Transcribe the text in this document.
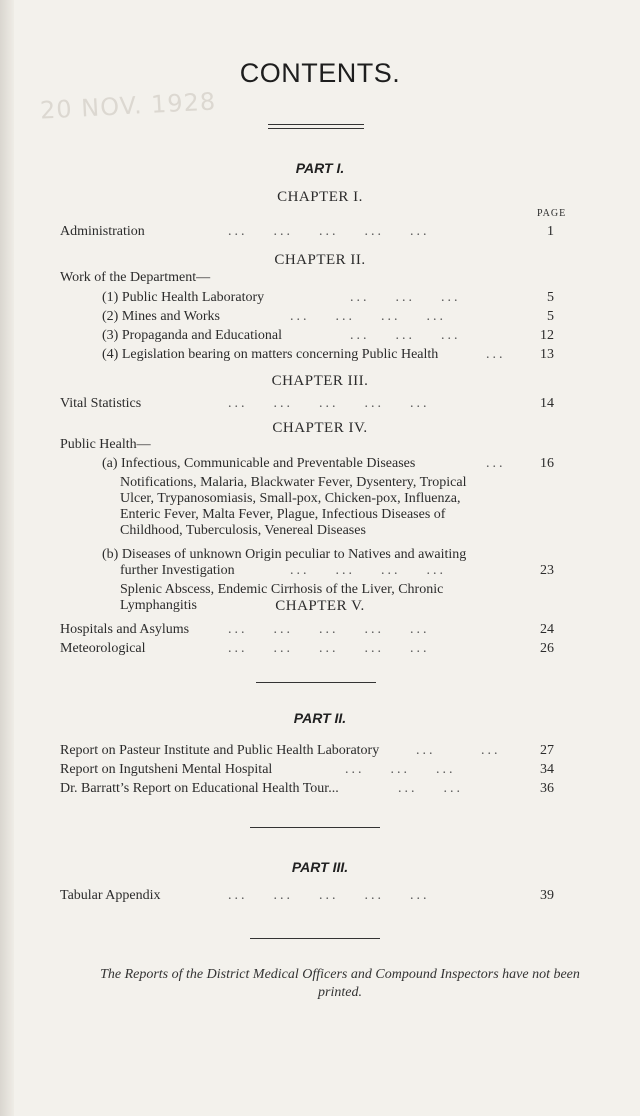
20 NOV. 1928
CONTENTS.
PART I.
CHAPTER I.
PAGE
Administration	...    ...    ...    ...    ...	1
CHAPTER II.
Work of the Department—
(1) Public Health Laboratory	...    ...    ...	5
(2) Mines and Works	...    ...    ...    ...	5
(3) Propaganda and Educational	...    ...    ...	12
(4) Legislation bearing on matters concerning Public Health	...	13
CHAPTER III.
Vital Statistics	...    ...    ...    ...    ...	14
CHAPTER IV.
Public Health—
(a) Infectious, Communicable and Preventable Diseases	...	16
Notifications, Malaria, Blackwater Fever, Dysentery, Tropical
Ulcer, Trypanosomiasis, Small-pox, Chicken-pox, Influenza,
Enteric Fever, Malta Fever, Plague, Infectious Diseases of
Childhood, Tuberculosis, Venereal Diseases
(b) Diseases of unknown Origin peculiar to Natives and awaiting
further Investigation	...    ...    ...    ...	23
Splenic Abscess, Endemic Cirrhosis of the Liver, Chronic
Lymphangitis	CHAPTER V.
Hospitals and Asylums	...    ...    ...    ...    ...	24
Meteorological	...    ...    ...    ...    ...	26
PART II.
Report on Pasteur Institute and Public Health Laboratory	...       ...	27
Report on Ingutsheni Mental Hospital	...    ...    ...	34
Dr. Barratt’s Report on Educational Health Tour...	...    ...	36
PART III.
Tabular Appendix	...    ...    ...    ...    ...	39
The Reports of the District Medical Officers and Compound Inspectors have not been
printed.
